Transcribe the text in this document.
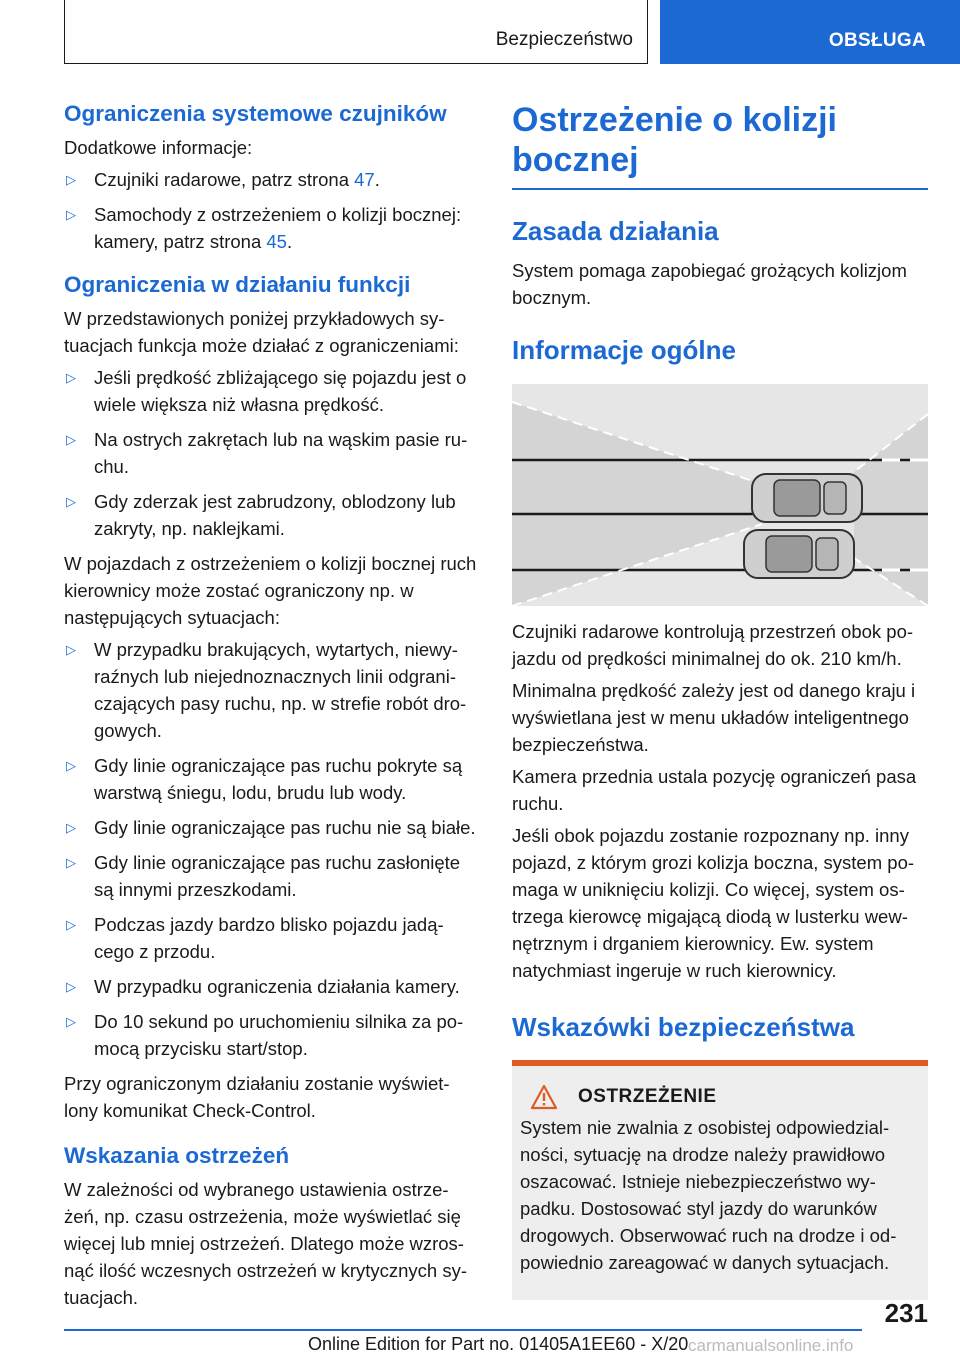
Bezpieczeństwo	OBSŁUGA
Ograniczenia systemowe czujników

Dodatkowe informacje:

▷ Czujniki radarowe, patrz strona 47.
▷ Samochody z ostrzeżeniem o kolizji bocznej: kamery, patrz strona 45.
Ograniczenia w działaniu funkcji

W przedstawionych poniżej przykładowych sy-tuacjach funkcja może działać z ograniczeniami:

▷ Jeśli prędkość zbliżającego się pojazdu jest o wiele większa niż własna prędkość.
▷ Na ostrych zakrętach lub na wąskim pasie ru-chu.
▷ Gdy zderzak jest zabrudzony, oblodzony lub zakryty, np. naklejkami.

W pojazdach z ostrzeżeniem o kolizji bocznej ruch kierownicy może zostać ograniczony np. w następujących sytuacjach:

▷ W przypadku brakujących, wytartych, niewy-raźnych lub niejednoznacznych linii odgrani-czających pasy ruchu, np. w strefie robót dro-gowych.
▷ Gdy linie ograniczające pas ruchu pokryte są warstwą śniegu, lodu, brudu lub wody.
▷ Gdy linie ograniczające pas ruchu nie są białe.
▷ Gdy linie ograniczające pas ruchu zasłonięte są innymi przeszkodami.
▷ Podczas jazdy bardzo blisko pojazdu jadą-cego z przodu.
▷ W przypadku ograniczenia działania kamery.
▷ Do 10 sekund po uruchomieniu silnika za po-mocą przycisku start/stop.

Przy ograniczonym działaniu zostanie wyświet-lony komunikat Check-Control.

Wskazania ostrzeżeń

W zależności od wybranego ustawienia ostrze-żeń, np. czasu ostrzeżenia, może wyświetlać się więcej lub mniej ostrzeżeń. Dlatego może wzros-nąć ilość wczesnych ostrzeżeń w krytycznych sy-tuacjach.

Ostrzeżenie o kolizji bocznej
Zasada działania

System pomaga zapobiegać grożących kolizjom bocznym.

Informacje ogólne

Czujniki radarowe kontrolują przestrzeń obok po-jazdu od prędkości minimalnej do ok. 210 km/h.

Minimalna prędkość zależy jest od danego kraju i wyświetlana jest w menu układów inteligentnego bezpieczeństwa.

Kamera przednia ustala pozycję ograniczeń pasa ruchu.

Jeśli obok pojazdu zostanie rozpoznany np. inny pojazd, z którym grozi kolizja boczna, system po-maga w uniknięciu kolizji. Co więcej, system os-trzega kierowcę migającą diodą w lusterku wew-nętrznym i drganiem kierownicy. Ew. system natychmiast ingeruje w ruch kierownicy.

Wskazówki bezpieczeństwa
OSTRZEŻENIE

System nie zwalnia z osobistej odpowiedzial-ności, sytuację na drodze należy prawidłowo oszacować. Istnieje niebezpieczeństwo wy-padku. Dostosować styl jazdy do warunków drogowych. Obserwować ruch na drodze i od-powiednio zareagować w danych sytuacjach.

231
Online Edition for Part no. 01405A1EE60 - X/20 carmanualsonline.info
